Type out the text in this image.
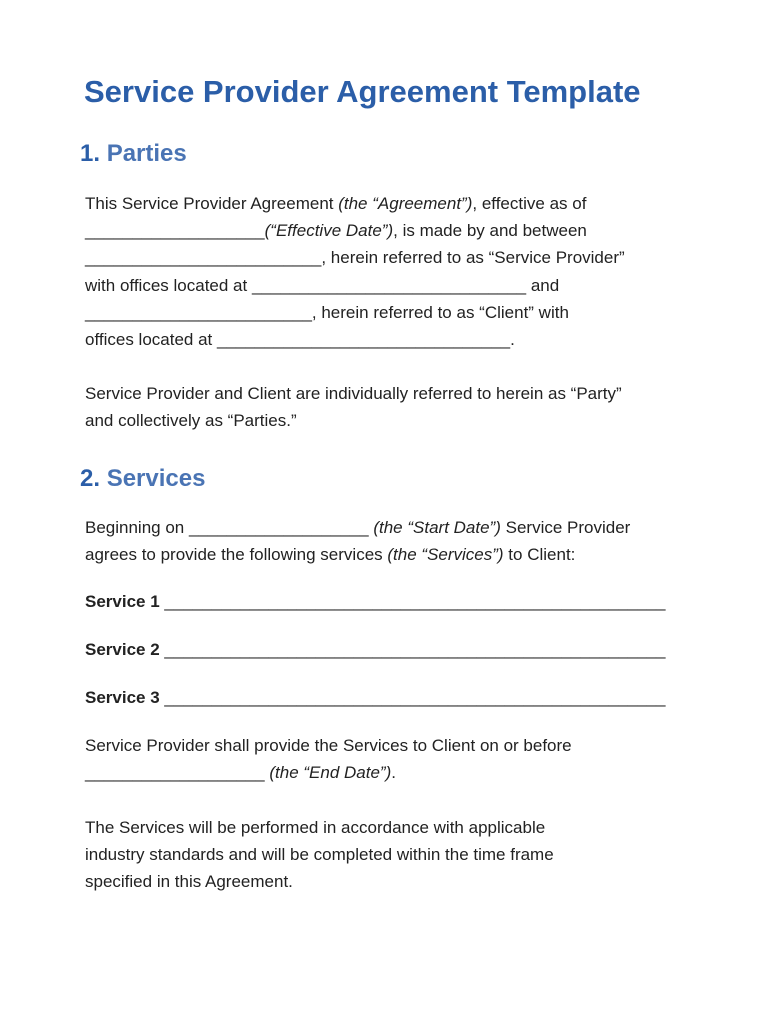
Service Provider Agreement Template
1. Parties

This Service Provider Agreement (the “Agreement”), effective as of
___________________(“Effective Date”), is made by and between
_________________________, herein referred to as “Service Provider”
with offices located at _____________________________ and
________________________, herein referred to as “Client” with
offices located at _______________________________.

Service Provider and Client are individually referred to herein as “Party”
and collectively as “Parties.”

2. Services

Beginning on ___________________ (the “Start Date”) Service Provider
agrees to provide the following services (the “Services”) to Client:

Service 1 _____________________________________________________
Service 2 _____________________________________________________
Service 3 _____________________________________________________

Service Provider shall provide the Services to Client on or before
___________________ (the “End Date”).

The Services will be performed in accordance with applicable
industry standards and will be completed within the time frame
specified in this Agreement.
